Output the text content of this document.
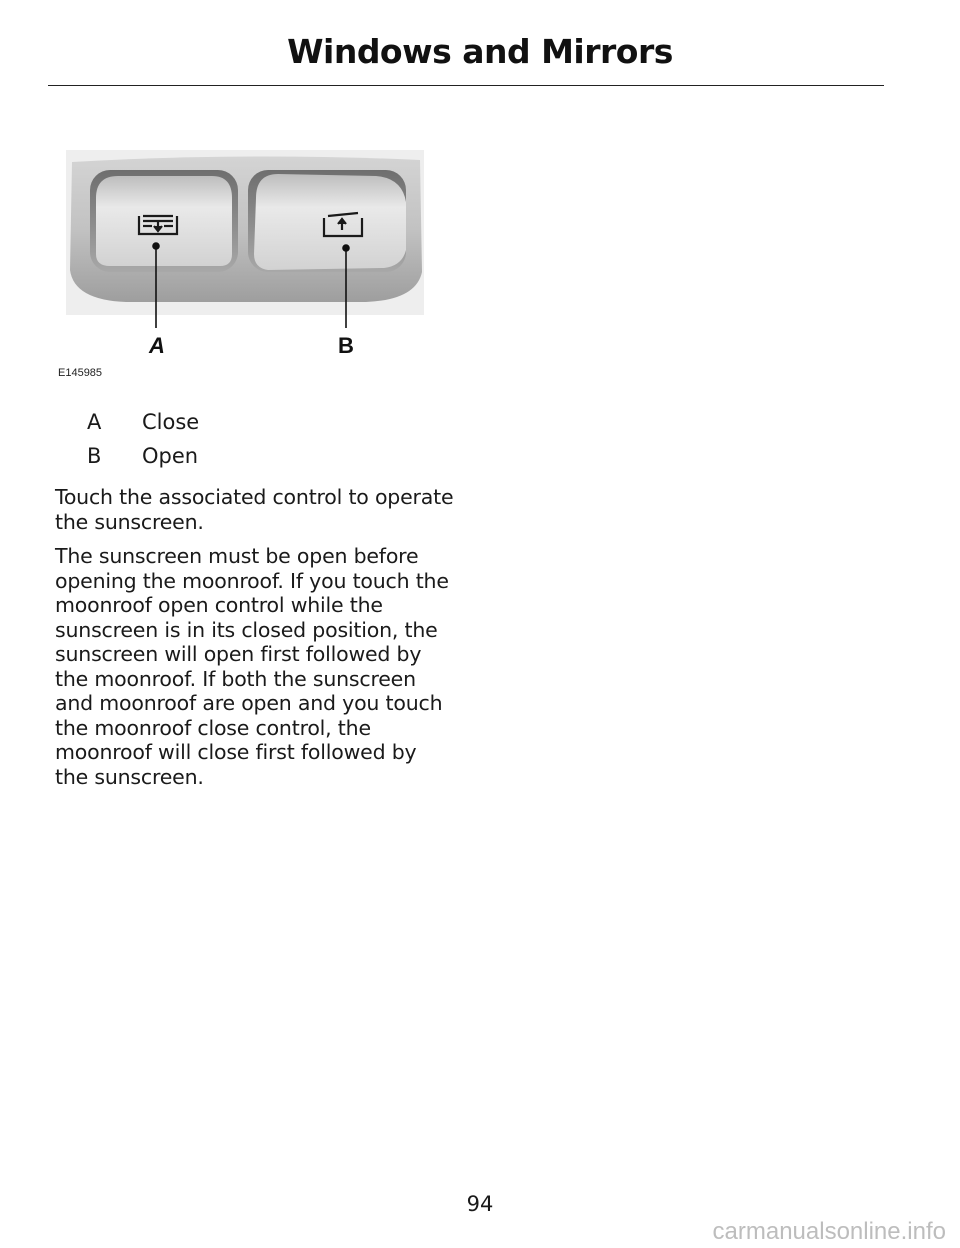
Windows and Mirrors
A	B
E145985
A	Close
B	Open

Touch the associated control to operate the sunscreen.

The sunscreen must be open before opening the moonroof. If you touch the moonroof open control while the sunscreen is in its closed position, the sunscreen will open first followed by the moonroof. If both the sunscreen and moonroof are open and you touch the moonroof close control, the moonroof will close first followed by the sunscreen.

94
carmanualsonline.info
